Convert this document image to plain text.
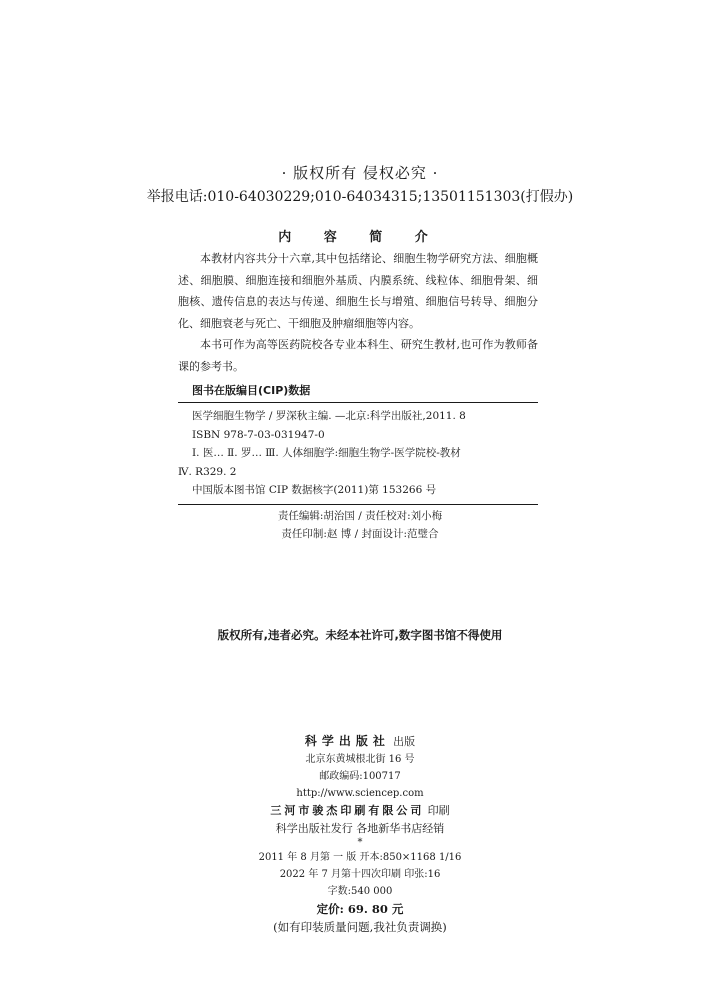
· 版权所有 侵权必究 ·
举报电话:010-64030229;010-64034315;13501151303(打假办)
内 容 简 介

本教材内容共分十六章,其中包括绪论、细胞生物学研究方法、细胞概述、细胞膜、细胞连接和细胞外基质、内膜系统、线粒体、细胞骨架、细胞核、遗传信息的表达与传递、细胞生长与增殖、细胞信号转导、细胞分化、细胞衰老与死亡、干细胞及肿瘤细胞等内容。

本书可作为高等医药院校各专业本科生、研究生教材,也可作为教师备课的参考书。

图书在版编目(CIP)数据
医学细胞生物学 / 罗深秋主编. —北京:科学出版社,2011. 8
ISBN 978-7-03-031947-0
Ⅰ. 医… Ⅱ. 罗… Ⅲ. 人体细胞学:细胞生物学-医学院校-教材
Ⅳ. R329. 2
中国版本图书馆 CIP 数据核字(2011)第 153266 号
责任编辑:胡治国 / 责任校对:刘小梅
责任印制:赵 博 / 封面设计:范璧合
版权所有,违者必究。未经本社许可,数字图书馆不得使用
科学出版社 出版
北京东黄城根北街 16 号
邮政编码:100717
http://www.sciencep.com
三河市骏杰印刷有限公司 印刷
科学出版社发行 各地新华书店经销
*
2011 年 8 月第 一 版 开本:850×1168 1/16
2022 年 7 月第十四次印刷 印张:16
字数:540 000
定价: 69. 80 元
(如有印装质量问题,我社负责调换)
